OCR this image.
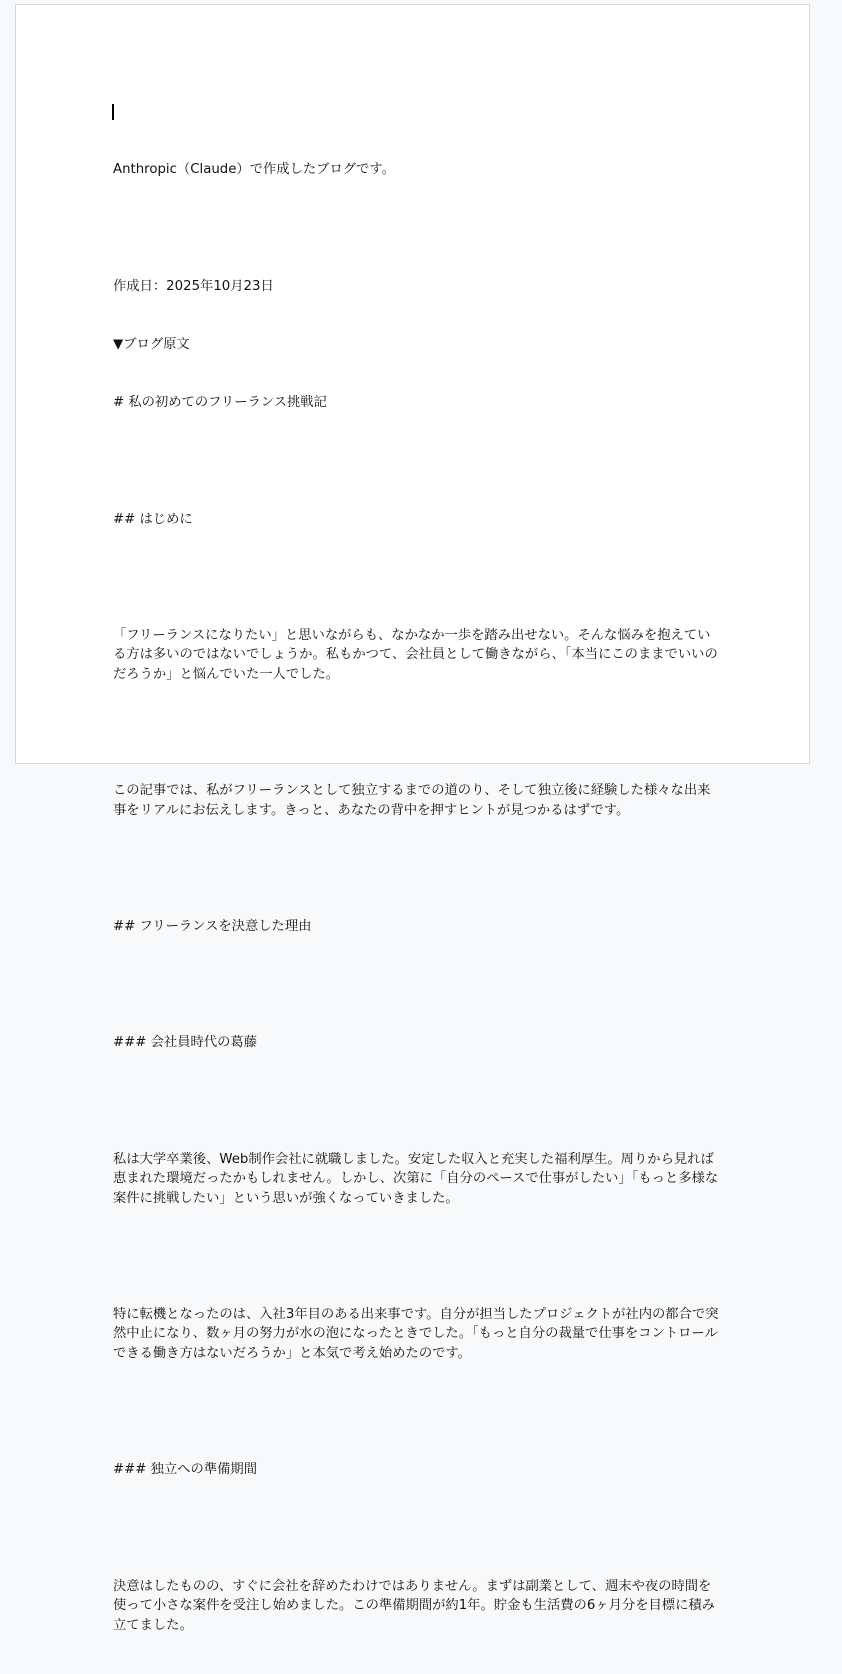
Anthropic（Claude）で作成したブログです。

作成日：2025年10月23日

▼ブログ原文

# 私の初めてのフリーランス挑戦記

## はじめに

「フリーランスになりたい」と思いながらも、なかなか一歩を踏み出せない。そんな悩みを抱えている方は多いのではないでしょうか。私もかつて、会社員として働きながら、「本当にこのままでいいのだろうか」と悩んでいた一人でした。

この記事では、私がフリーランスとして独立するまでの道のり、そして独立後に経験した様々な出来事をリアルにお伝えします。きっと、あなたの背中を押すヒントが見つかるはずです。

## フリーランスを決意した理由

### 会社員時代の葛藤

私は大学卒業後、Web制作会社に就職しました。安定した収入と充実した福利厚生。周りから見れば恵まれた環境だったかもしれません。しかし、次第に「自分のペースで仕事がしたい」「もっと多様な案件に挑戦したい」という思いが強くなっていきました。

特に転機となったのは、入社3年目のある出来事です。自分が担当したプロジェクトが社内の都合で突然中止になり、数ヶ月の努力が水の泡になったときでした。「もっと自分の裁量で仕事をコントロールできる働き方はないだろうか」と本気で考え始めたのです。

### 独立への準備期間

決意はしたものの、すぐに会社を辞めたわけではありません。まずは副業として、週末や夜の時間を使って小さな案件を受注し始めました。この準備期間が約1年。貯金も生活費の6ヶ月分を目標に積み立てました。
